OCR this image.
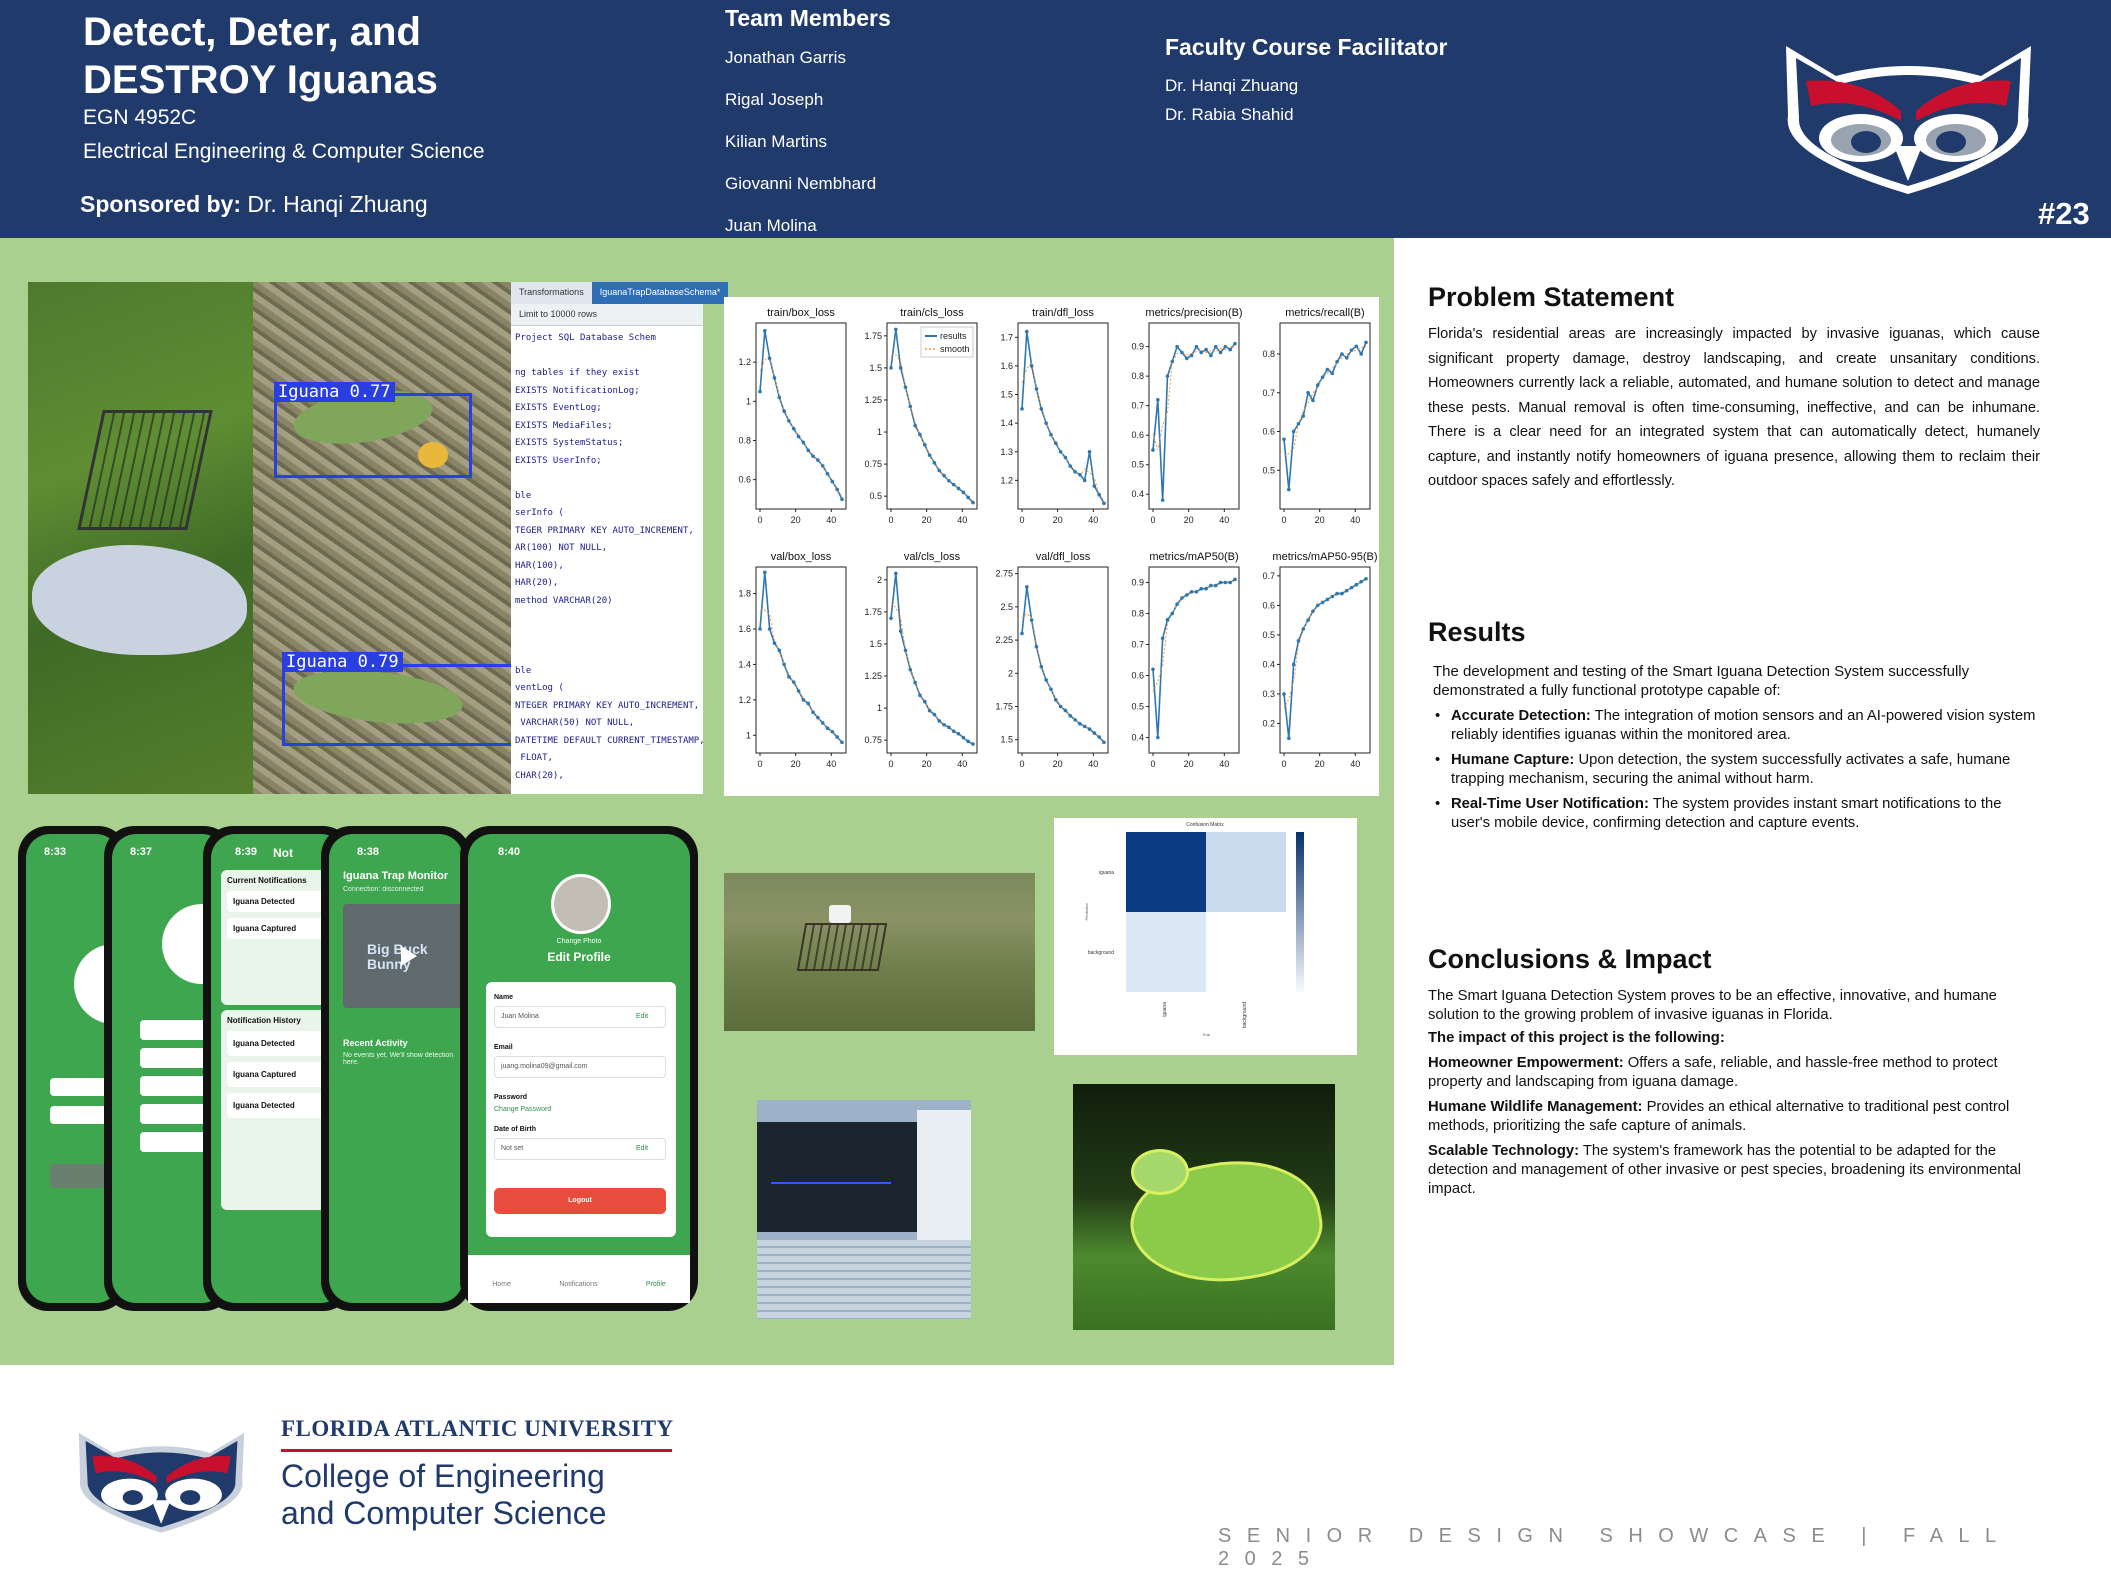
Detect, Deter, and
DESTROY Iguanas
EGN 4952C
Electrical Engineering & Computer Science
Sponsored by: Dr. Hanqi Zhuang
Team Members
Jonathan Garris
Rigal Joseph
Kilian Martins
Giovanni Nembhard
Juan Molina
Faculty Course Facilitator
Dr. Hanqi Zhuang
Dr. Rabia Shahid
#23
Iguana 0.77
Iguana 0.79
Transformations	IguanaTrapDatabaseSchema*
Limit to 10000 rows
Project SQL Database Schem

ng tables if they exist
EXISTS NotificationLog;
EXISTS EventLog;
EXISTS MediaFiles;
EXISTS SystemStatus;
EXISTS UserInfo;

ble
serInfo (
TEGER PRIMARY KEY AUTO_INCREMENT,
AR(100) NOT NULL,
HAR(100),
HAR(20),
method VARCHAR(20)

ble
ventLog (
NTEGER PRIMARY KEY AUTO_INCREMENT,
VARCHAR(50) NOT NULL,
DATETIME DEFAULT CURRENT_TIMESTAMP,
FLOAT,
CHAR(20),
train/box_loss
0.6
0.8
1
1.2
0	20	40
train/cls_loss
0.5
0.75
1
1.25
1.5
1.75
0	20	40
results
smooth
train/dfl_loss
1.2
1.3
1.4
1.5
1.6
1.7
0	20	40
metrics/precision(B)
0.4
0.5
0.6
0.7
0.8
0.9
0	20	40
metrics/recall(B)
0.5
0.6
0.7
0.8
0	20	40
val/box_loss
1
1.2
1.4
1.6
1.8
0	20	40
val/cls_loss
0.75
1
1.25
1.5
1.75
2
0	20	40
val/dfl_loss
1.5
1.75
2
2.25
2.5
2.75
0	20	40
metrics/mAP50(B)
0.4
0.5
0.6
0.7
0.8
0.9
0	20	40
metrics/mAP50-95(B)
0.2
0.3
0.4
0.5
0.6
0.7
0	20	40
8:33	8:37	8:39 Not
Current Notifications
Iguana Detected
Iguana Captured
Notification History
Iguana Detected
Iguana Captured
Iguana Detected
8:38
Iguana Trap Monitor
Connection: disconnected
Big Buck Bunny
Recent Activity
No events yet. We'll show detection here.
8:40
Change Photo
Edit Profile
Name
Juan Molina	Edit
Email
juang.molina09@gmail.com
Password
Change Password
Date of Birth
Not set	Edit
Logout
Home	Notifications	Profile
Confusion Matrix
iguana
background
iguana	background
True
Predicted
Problem Statement
Florida's residential areas are increasingly impacted by invasive iguanas, which cause significant property damage, destroy landscaping, and create unsanitary conditions. Homeowners currently lack a reliable, automated, and humane solution to detect and manage these pests. Manual removal is often time-consuming, ineffective, and can be inhumane. There is a clear need for an integrated system that can automatically detect, humanely capture, and instantly notify homeowners of iguana presence, allowing them to reclaim their outdoor spaces safely and effortlessly.
Results
The development and testing of the Smart Iguana Detection System successfully demonstrated a fully functional prototype capable of:
• Accurate Detection: The integration of motion sensors and an AI-powered vision system reliably identifies iguanas within the monitored area.
• Humane Capture: Upon detection, the system successfully activates a safe, humane trapping mechanism, securing the animal without harm.
• Real-Time User Notification: The system provides instant smart notifications to the user's mobile device, confirming detection and capture events.
Conclusions & Impact
The Smart Iguana Detection System proves to be an effective, innovative, and humane solution to the growing problem of invasive iguanas in Florida.
The impact of this project is the following:
Homeowner Empowerment: Offers a safe, reliable, and hassle-free method to protect property and landscaping from iguana damage.
Humane Wildlife Management: Provides an ethical alternative to traditional pest control methods, prioritizing the safe capture of animals.
Scalable Technology: The system's framework has the potential to be adapted for the detection and management of other invasive or pest species, broadening its environmental impact.
FLORIDA ATLANTIC UNIVERSITY
College of Engineering
and Computer Science
SENIOR DESIGN SHOWCASE | FALL 2025
